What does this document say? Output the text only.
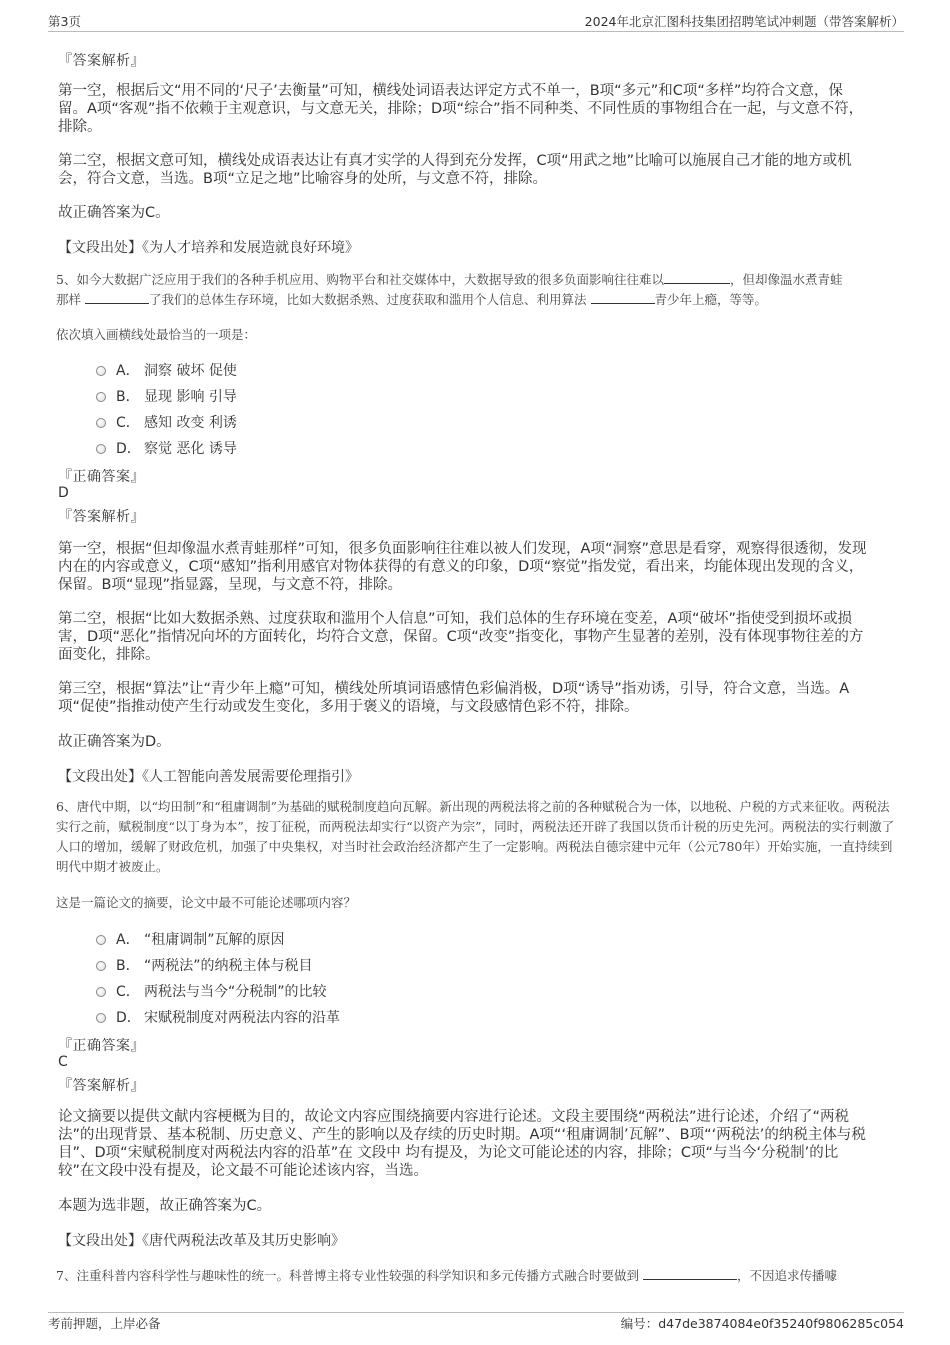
第3页	2024年北京汇图科技集团招聘笔试冲刺题（带答案解析）
『答案解析』
第一空，根据后文“用不同的‘尺子’去衡量”可知，横线处词语表达评定方式不单一，B项“多元”和C项“多样”均符合文意，保留。A项“客观”指不依赖于主观意识，与文意无关，排除；D项“综合”指不同种类、不同性质的事物组合在一起，与文意不符，排除。
第二空，根据文意可知，横线处成语表达让有真才实学的人得到充分发挥，C项“用武之地”比喻可以施展自己才能的地方或机会，符合文意，当选。B项“立足之地”比喻容身的处所，与文意不符，排除。
故正确答案为C。
【文段出处】《为人才培养和发展造就良好环境》
5、如今大数据广泛应用于我们的各种手机应用、购物平台和社交媒体中，大数据导致的很多负面影响往往难以	，但却像温水煮青蛙
那样	了我们的总体生存环境，比如大数据杀熟、过度获取和滥用个人信息、利用算法	青少年上瘾，等等。
依次填入画横线处最恰当的一项是：
A． 洞察 破坏 促使
B． 显现 影响 引导
C． 感知 改变 利诱
D． 察觉 恶化 诱导
『正确答案』
D
『答案解析』
第一空，根据“但却像温水煮青蛙那样”可知，很多负面影响往往难以被人们发现，A项“洞察”意思是看穿，观察得很透彻，发现内在的内容或意义，C项“感知”指利用感官对物体获得的有意义的印象，D项“察觉”指发觉，看出来，均能体现出发现的含义，保留。B项“显现”指显露，呈现，与文意不符，排除。
第二空，根据“比如大数据杀熟、过度获取和滥用个人信息”可知，我们总体的生存环境在变差，A项“破坏”指使受到损坏或损害，D项“恶化”指情况向坏的方面转化，均符合文意，保留。C项“改变”指变化，事物产生显著的差别，没有体现事物往差的方面变化，排除。
第三空，根据“算法”让“青少年上瘾”可知，横线处所填词语感情色彩偏消极，D项“诱导”指劝诱，引导，符合文意，当选。A项“促使”指推动使产生行动或发生变化，多用于褒义的语境，与文段感情色彩不符，排除。
故正确答案为D。
【文段出处】《人工智能向善发展需要伦理指引》
6、唐代中期，以“均田制”和“租庸调制”为基础的赋税制度趋向瓦解。新出现的两税法将之前的各种赋税合为一体，以地税、户税的方式来征收。两税法实行之前，赋税制度“以丁身为本”，按丁征税，而两税法却实行“以资产为宗”，同时，两税法还开辟了我国以货币计税的历史先河。两税法的实行刺激了人口的增加，缓解了财政危机，加强了中央集权，对当时社会政治经济都产生了一定影响。两税法自德宗建中元年（公元780年）开始实施，一直持续到明代中期才被废止。
这是一篇论文的摘要，论文中最不可能论述哪项内容？
A． “租庸调制”瓦解的原因
B． “两税法”的纳税主体与税目
C． 两税法与当今“分税制”的比较
D． 宋赋税制度对两税法内容的沿革
『正确答案』
C
『答案解析』
论文摘要以提供文献内容梗概为目的，故论文内容应围绕摘要内容进行论述。文段主要围绕“两税法”进行论述，介绍了“两税法”的出现背景、基本税制、历史意义、产生的影响以及存续的历史时期。A项“‘租庸调制’瓦解”、B项“‘两税法’的纳税主体与税目”、D项“宋赋税制度对两税法内容的沿革”在 文段中 均有提及，为论文可能论述的内容，排除；C项“与当今‘分税制’的比较”在文段中没有提及，论文最不可能论述该内容，当选。
本题为选非题，故正确答案为C。
【文段出处】《唐代两税法改革及其历史影响》
7、注重科普内容科学性与趣味性的统一。科普博主将专业性较强的科学知识和多元传播方式融合时要做到	，不因追求传播噱
考前押题，上岸必备	编号：d47de3874084e0f35240f9806285c054
